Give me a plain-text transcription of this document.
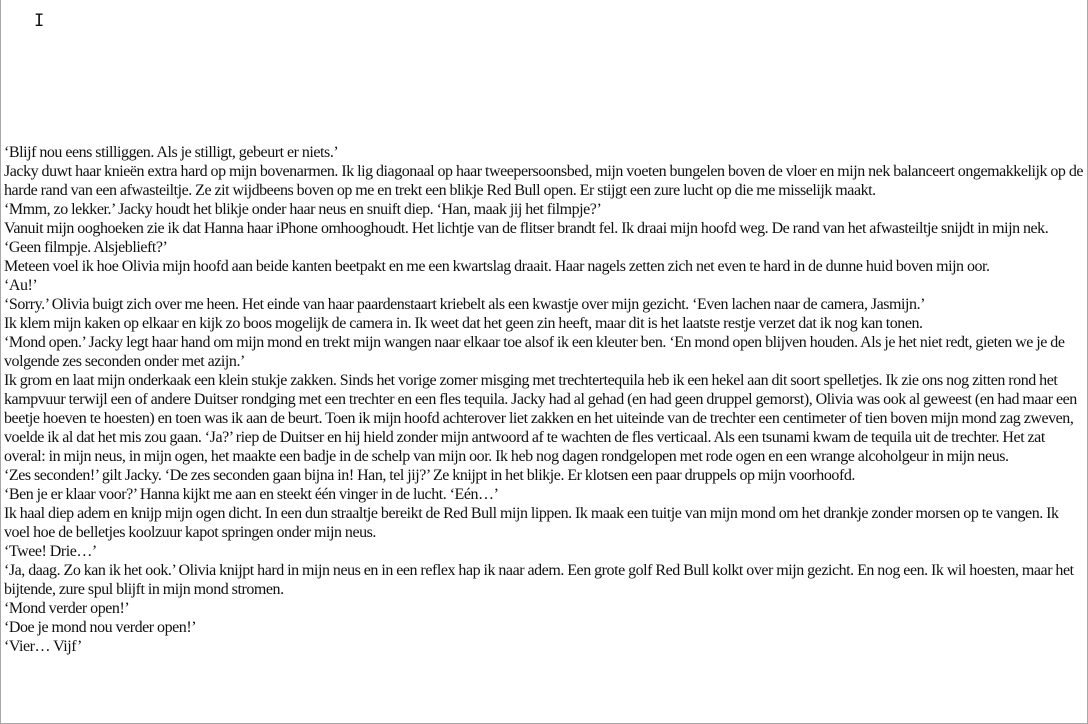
I

‘Blijf nou eens stilliggen. Als je stilligt, gebeurt er niets.’

Jacky duwt haar knieën extra hard op mijn bovenarmen. Ik lig diagonaal op haar tweepersoonsbed, mijn voeten bungelen boven de vloer en mijn nek balanceert ongemakkelijk op de harde rand van een afwasteiltje. Ze zit wijdbeens boven op me en trekt een blikje Red Bull open. Er stijgt een zure lucht op die me misselijk maakt.

‘Mmm, zo lekker.’ Jacky houdt het blikje onder haar neus en snuift diep. ‘Han, maak jij het filmpje?’

Vanuit mijn ooghoeken zie ik dat Hanna haar iPhone omhooghoudt. Het lichtje van de flitser brandt fel. Ik draai mijn hoofd weg. De rand van het afwasteiltje snijdt in mijn nek.

‘Geen filmpje. Alsjeblieft?’

Meteen voel ik hoe Olivia mijn hoofd aan beide kanten beetpakt en me een kwartslag draait. Haar nagels zetten zich net even te hard in de dunne huid boven mijn oor.

‘Au!’

‘Sorry.’ Olivia buigt zich over me heen. Het einde van haar paardenstaart kriebelt als een kwastje over mijn gezicht. ‘Even lachen naar de camera, Jasmijn.’

Ik klem mijn kaken op elkaar en kijk zo boos mogelijk de camera in. Ik weet dat het geen zin heeft, maar dit is het laatste restje verzet dat ik nog kan tonen.

‘Mond open.’ Jacky legt haar hand om mijn mond en trekt mijn wangen naar elkaar toe alsof ik een kleuter ben. ‘En mond open blijven houden. Als je het niet redt, gieten we je de volgende zes seconden onder met azijn.’

Ik grom en laat mijn onderkaak een klein stukje zakken. Sinds het vorige zomer misging met trechtertequila heb ik een hekel aan dit soort spelletjes. Ik zie ons nog zitten rond het kampvuur terwijl een of andere Duitser rondging met een trechter en een fles tequila. Jacky had al gehad (en had geen druppel gemorst), Olivia was ook al geweest (en had maar een beetje hoeven te hoesten) en toen was ik aan de beurt. Toen ik mijn hoofd achterover liet zakken en het uiteinde van de trechter een centimeter of tien boven mijn mond zag zweven, voelde ik al dat het mis zou gaan. ‘Ja?’ riep de Duitser en hij hield zonder mijn antwoord af te wachten de fles verticaal. Als een tsunami kwam de tequila uit de trechter. Het zat overal: in mijn neus, in mijn ogen, het maakte een badje in de schelp van mijn oor. Ik heb nog dagen rondgelopen met rode ogen en een wrange alcoholgeur in mijn neus.

‘Zes seconden!’ gilt Jacky. ‘De zes seconden gaan bijna in! Han, tel jij?’ Ze knijpt in het blikje. Er klotsen een paar druppels op mijn voorhoofd.

‘Ben je er klaar voor?’ Hanna kijkt me aan en steekt één vinger in de lucht. ‘Eén…’

Ik haal diep adem en knijp mijn ogen dicht. In een dun straaltje bereikt de Red Bull mijn lippen. Ik maak een tuitje van mijn mond om het drankje zonder morsen op te vangen. Ik voel hoe de belletjes koolzuur kapot springen onder mijn neus.

‘Twee! Drie…’

‘Ja, daag. Zo kan ik het ook.’ Olivia knijpt hard in mijn neus en in een reflex hap ik naar adem. Een grote golf Red Bull kolkt over mijn gezicht. En nog een. Ik wil hoesten, maar het bijtende, zure spul blijft in mijn mond stromen.

‘Mond verder open!’

‘Doe je mond nou verder open!’

‘Vier… Vijf’
